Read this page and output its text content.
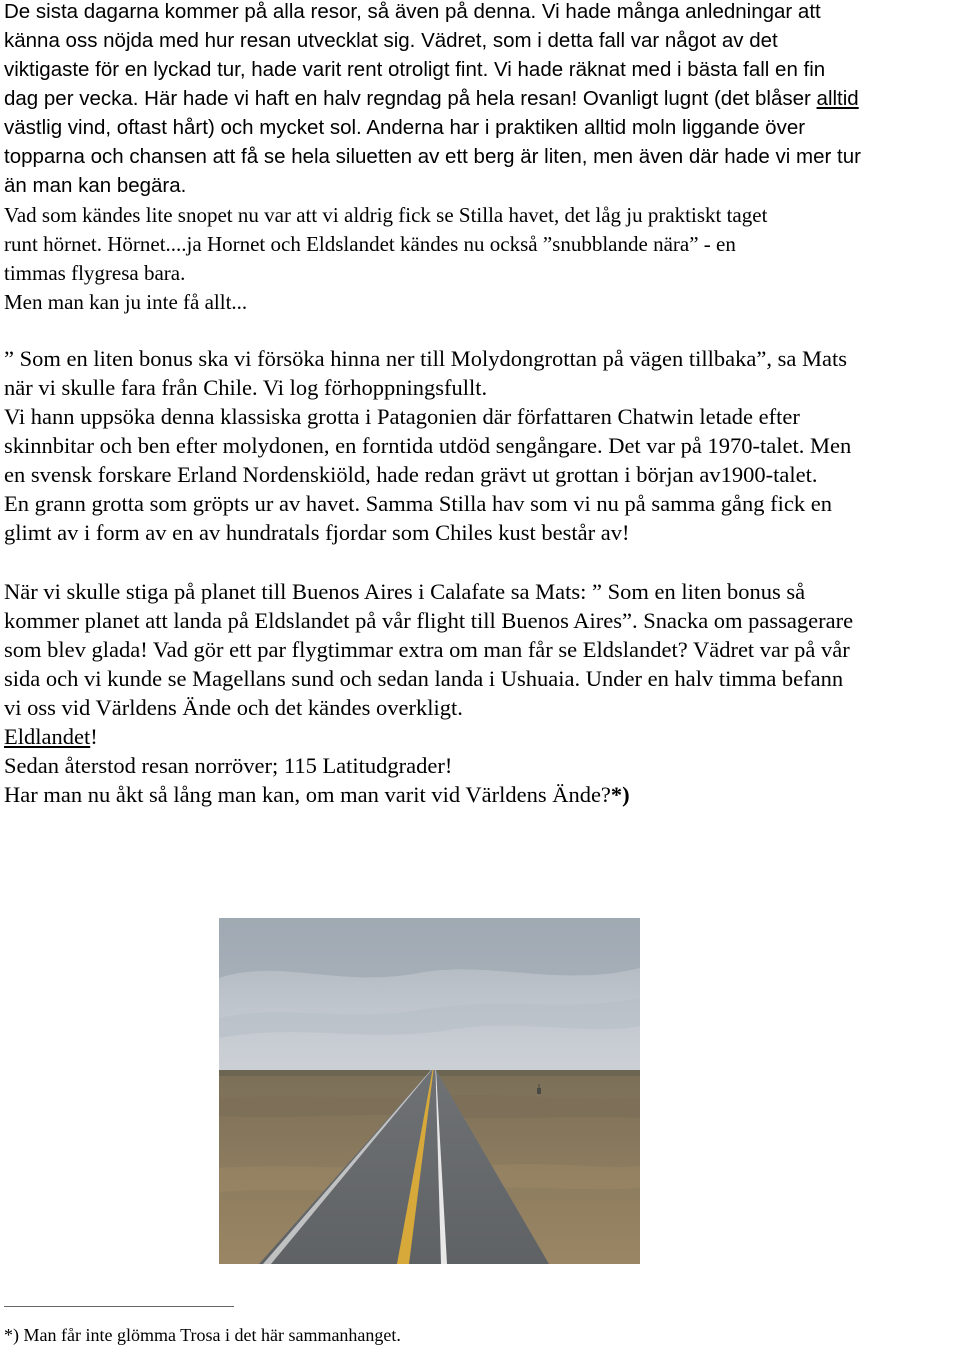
De sista dagarna kommer på alla resor, så även på denna. Vi hade många anledningar att
känna oss nöjda med hur resan utvecklat sig. Vädret, som i detta fall var något av det
viktigaste för en lyckad tur, hade varit rent otroligt fint. Vi hade räknat med i bästa fall en fin
dag per vecka. Här hade vi haft en halv regndag på hela resan! Ovanligt lugnt (det blåser alltid
västlig vind, oftast hårt) och mycket sol. Anderna har i praktiken alltid moln liggande över
topparna och chansen att få se hela siluetten av ett berg är liten, men även där hade vi mer tur
än man kan begära.
Vad som kändes lite snopet nu var att vi aldrig fick se Stilla havet, det låg ju praktiskt taget
runt hörnet. Hörnet....ja Hornet och Eldslandet kändes nu också ”snubblande nära” - en
timmas flygresa bara.
Men man kan ju inte få allt...
” Som en liten bonus ska vi försöka hinna ner till Molydongrottan på vägen tillbaka”, sa Mats
när vi skulle fara från Chile. Vi log förhoppningsfullt.
Vi hann uppsöka denna klassiska grotta i Patagonien där författaren Chatwin letade efter
skinnbitar och ben efter molydonen, en forntida utdöd sengångare. Det var på 1970-talet. Men
en svensk forskare Erland Nordenskiöld, hade redan grävt ut grottan i början av1900-talet.
En grann grotta som gröpts ur av havet. Samma Stilla hav som vi nu på samma gång fick en
glimt av i form av en av hundratals fjordar som Chiles kust består av!
När vi skulle stiga på planet till Buenos Aires i Calafate sa Mats: ” Som en liten bonus så
kommer planet att landa på Eldslandet på vår flight till Buenos Aires”. Snacka om passagerare
som blev glada! Vad gör ett par flygtimmar extra om man får se Eldslandet? Vädret var på vår
sida och vi kunde se Magellans sund och sedan landa i Ushuaia. Under en halv timma befann
vi oss vid Världens Ände och det kändes overkligt.
Eldlandet!
Sedan återstod resan norröver; 115 Latitudgrader!
Har man nu åkt så lång man kan, om man varit vid Världens Ände?*)
*) Man får inte glömma Trosa i det här sammanhanget.
